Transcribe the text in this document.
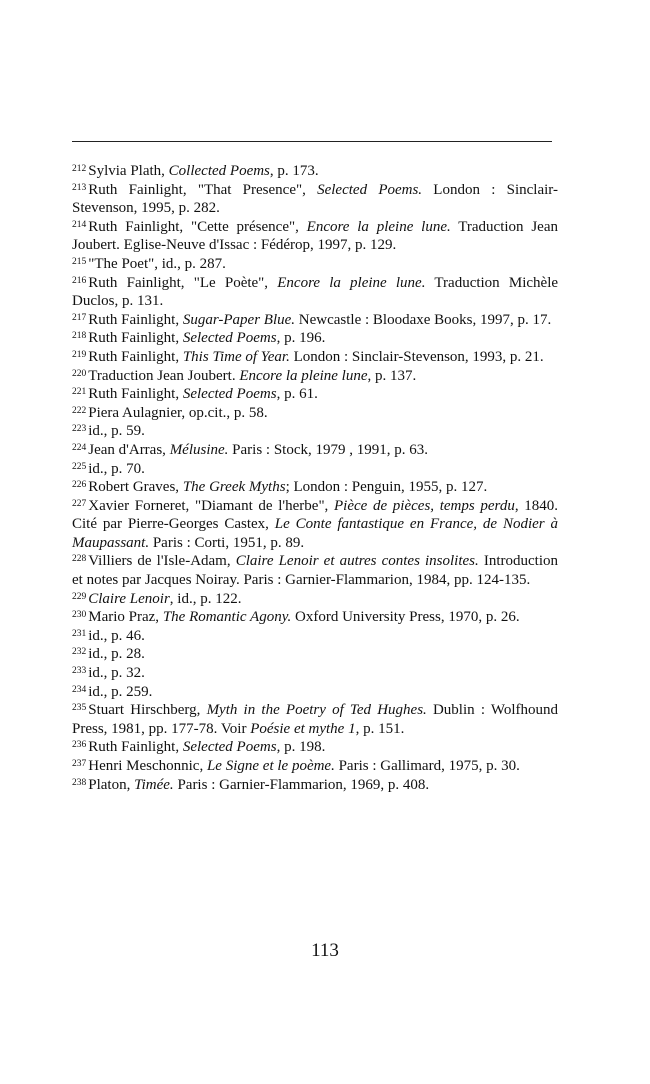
$^{212}$ Sylvia Plath, Collected Poems, p. 173.

$^{213}$ Ruth Fainlight, "That Presence", Selected Poems. London : Sinclair-Stevenson, 1995, p. 282.

$^{214}$ Ruth Fainlight, "Cette présence", Encore la pleine lune. Traduction Jean Joubert. Eglise-Neuve d'Issac : Fédérop, 1997, p. 129.

$^{215}$ "The Poet", id., p. 287.

$^{216}$ Ruth Fainlight, "Le Poète", Encore la pleine lune. Traduction Michèle Duclos, p. 131.

$^{217}$ Ruth Fainlight, Sugar-Paper Blue. Newcastle : Bloodaxe Books, 1997, p. 17.

$^{218}$ Ruth Fainlight, Selected Poems, p. 196.

$^{219}$ Ruth Fainlight, This Time of Year. London : Sinclair-Stevenson, 1993, p. 21.

$^{220}$ Traduction Jean Joubert. Encore la pleine lune, p. 137.

$^{221}$ Ruth Fainlight, Selected Poems, p. 61.

$^{222}$ Piera Aulagnier, op.cit., p. 58.

$^{223}$ id., p. 59.

$^{224}$ Jean d'Arras, Mélusine. Paris : Stock, 1979 , 1991, p. 63.

$^{225}$ id., p. 70.

$^{226}$ Robert Graves, The Greek Myths; London : Penguin, 1955, p. 127.

$^{227}$ Xavier Forneret, "Diamant de l'herbe", Pièce de pièces, temps perdu, 1840. Cité par Pierre-Georges Castex, Le Conte fantastique en France, de Nodier à Maupassant. Paris : Corti, 1951, p. 89.

$^{228}$ Villiers de l'Isle-Adam, Claire Lenoir et autres contes insolites. Introduction et notes par Jacques Noiray. Paris : Garnier-Flammarion, 1984, pp. 124-135.

$^{229}$ Claire Lenoir, id., p. 122.

$^{230}$ Mario Praz, The Romantic Agony. Oxford University Press, 1970, p. 26.

$^{231}$ id., p. 46.

$^{232}$ id., p. 28.

$^{233}$ id., p. 32.

$^{234}$ id., p. 259.

$^{235}$ Stuart Hirschberg, Myth in the Poetry of Ted Hughes. Dublin : Wolfhound Press, 1981, pp. 177-78. Voir Poésie et mythe 1, p. 151.

$^{236}$ Ruth Fainlight, Selected Poems, p. 198.

$^{237}$ Henri Meschonnic, Le Signe et le poème. Paris : Gallimard, 1975, p. 30.

$^{238}$ Platon, Timée. Paris : Garnier-Flammarion, 1969, p. 408.

113
